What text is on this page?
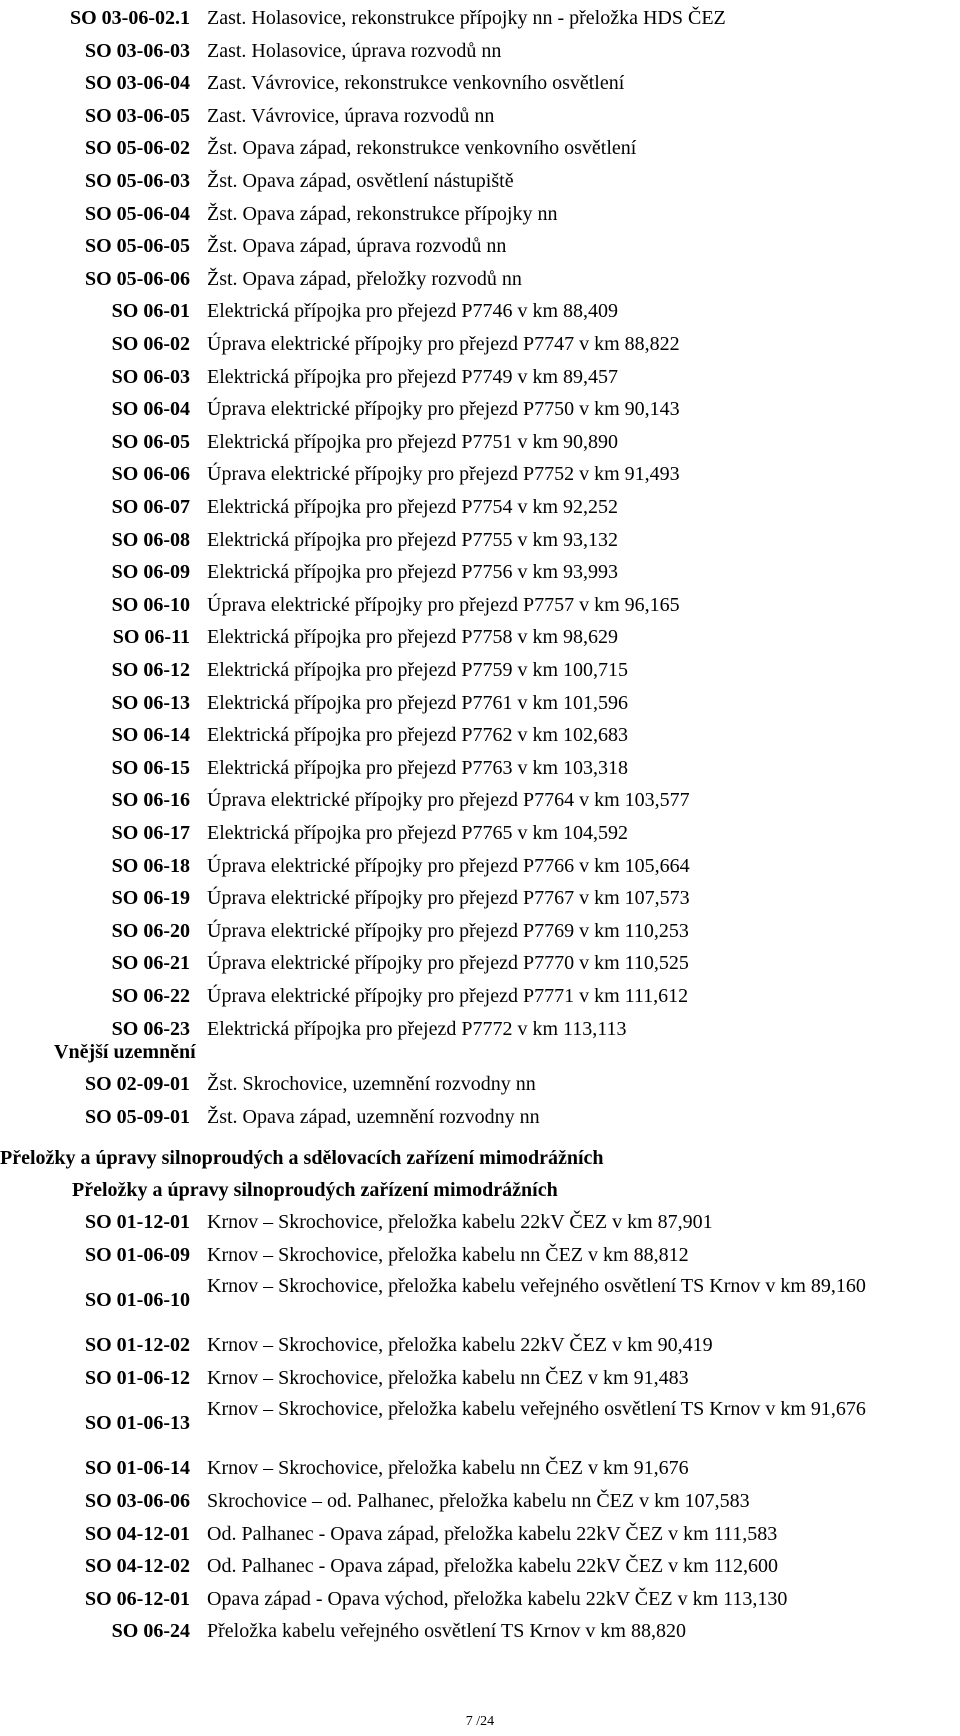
SO 03-06-02.1 Zast. Holasovice, rekonstrukce přípojky nn - přeložka HDS ČEZ
SO 03-06-03 Zast. Holasovice, úprava rozvodů nn
SO 03-06-04 Zast. Vávrovice, rekonstrukce venkovního osvětlení
SO 03-06-05 Zast. Vávrovice, úprava rozvodů nn
SO 05-06-02 Žst. Opava západ, rekonstrukce venkovního osvětlení
SO 05-06-03 Žst. Opava západ, osvětlení nástupiště
SO 05-06-04 Žst. Opava západ, rekonstrukce přípojky nn
SO 05-06-05 Žst. Opava západ, úprava rozvodů nn
SO 05-06-06 Žst. Opava západ, přeložky rozvodů nn
SO 06-01 Elektrická přípojka pro přejezd P7746 v km 88,409
SO 06-02 Úprava elektrické přípojky pro přejezd P7747 v km 88,822
SO 06-03 Elektrická přípojka pro přejezd P7749 v km 89,457
SO 06-04 Úprava elektrické přípojky pro přejezd P7750 v km 90,143
SO 06-05 Elektrická přípojka pro přejezd P7751 v km 90,890
SO 06-06 Úprava elektrické přípojky pro přejezd P7752 v km 91,493
SO 06-07 Elektrická přípojka pro přejezd P7754 v km 92,252
SO 06-08 Elektrická přípojka pro přejezd P7755 v km 93,132
SO 06-09 Elektrická přípojka pro přejezd P7756 v km 93,993
SO 06-10 Úprava elektrické přípojky pro přejezd P7757 v km 96,165
SO 06-11 Elektrická přípojka pro přejezd P7758 v km 98,629
SO 06-12 Elektrická přípojka pro přejezd P7759 v km 100,715
SO 06-13 Elektrická přípojka pro přejezd P7761 v km 101,596
SO 06-14 Elektrická přípojka pro přejezd P7762 v km 102,683
SO 06-15 Elektrická přípojka pro přejezd P7763 v km 103,318
SO 06-16 Úprava elektrické přípojky pro přejezd P7764 v km 103,577
SO 06-17 Elektrická přípojka pro přejezd P7765 v km 104,592
SO 06-18 Úprava elektrické přípojky pro přejezd P7766 v km 105,664
SO 06-19 Úprava elektrické přípojky pro přejezd P7767 v km 107,573
SO 06-20 Úprava elektrické přípojky pro přejezd P7769 v km 110,253
SO 06-21 Úprava elektrické přípojky pro přejezd P7770 v km 110,525
SO 06-22 Úprava elektrické přípojky pro přejezd P7771 v km 111,612
SO 06-23 Elektrická přípojka pro přejezd P7772 v km 113,113
SO 02-09-01 Žst. Skrochovice, uzemnění rozvodny nn
SO 05-09-01 Žst. Opava západ, uzemnění rozvodny nn
SO 01-12-01 Krnov – Skrochovice, přeložka kabelu 22kV ČEZ v km 87,901
SO 01-06-09 Krnov – Skrochovice, přeložka kabelu nn ČEZ v km 88,812
SO 01-06-10
Krnov – Skrochovice, přeložka kabelu veřejného osvětlení TS Krnov v km 89,160
SO 01-12-02 Krnov – Skrochovice, přeložka kabelu 22kV ČEZ v km 90,419
SO 01-06-12 Krnov – Skrochovice, přeložka kabelu nn ČEZ v km 91,483
SO 01-06-13
Krnov – Skrochovice, přeložka kabelu veřejného osvětlení TS Krnov v km 91,676
SO 01-06-14 Krnov – Skrochovice, přeložka kabelu nn ČEZ v km 91,676
SO 03-06-06 Skrochovice – od. Palhanec, přeložka kabelu nn ČEZ v km 107,583
SO 04-12-01 Od. Palhanec - Opava západ, přeložka kabelu 22kV ČEZ v km 111,583
SO 04-12-02 Od. Palhanec - Opava západ, přeložka kabelu 22kV ČEZ v km 112,600
SO 06-12-01 Opava západ - Opava východ, přeložka kabelu 22kV ČEZ v km 113,130
SO 06-24 Přeložka kabelu veřejného osvětlení TS Krnov v km 88,820
Vnější uzemnění
Přeložky a úpravy silnoproudých a sdělovacích zařízení mimodrážních
Přeložky a úpravy silnoproudých zařízení mimodrážních
7 /24
